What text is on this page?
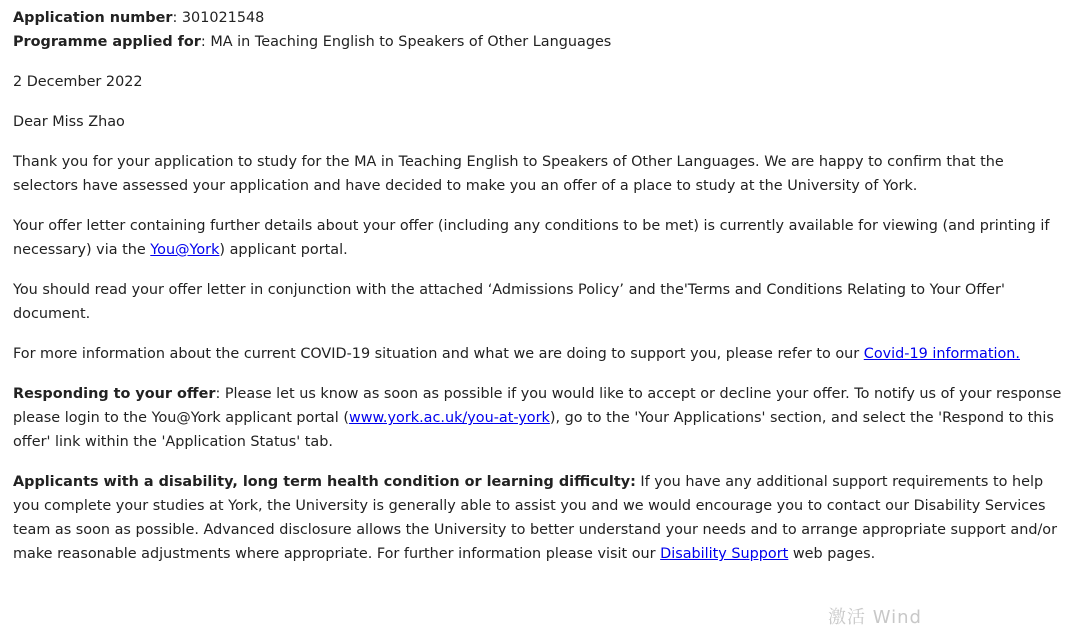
Application number: 301021548

Programme applied for: MA in Teaching English to Speakers of Other Languages

2 December 2022

Dear Miss Zhao

Thank you for your application to study for the MA in Teaching English to Speakers of Other Languages. We are happy to confirm that the selectors have assessed your application and have decided to make you an offer of a place to study at the University of York.

Your offer letter containing further details about your offer (including any conditions to be met) is currently available for viewing (and printing if necessary) via the You@York) applicant portal.

You should read your offer letter in conjunction with the attached ‘Admissions Policy’ and the'Terms and Conditions Relating to Your Offer' document.

For more information about the current COVID-19 situation and what we are doing to support you, please refer to our Covid-19 information.

Responding to your offer: Please let us know as soon as possible if you would like to accept or decline your offer. To notify us of your response please login to the You@York applicant portal (www.york.ac.uk/you-at-york), go to the 'Your Applications' section, and select the 'Respond to this offer' link within the 'Application Status' tab.

Applicants with a disability, long term health condition or learning difficulty: If you have any additional support requirements to help you complete your studies at York, the University is generally able to assist you and we would encourage you to contact our Disability Services team as soon as possible. Advanced disclosure allows the University to better understand your needs and to arrange appropriate support and/or make reasonable adjustments where appropriate. For further information please visit our Disability Support web pages.

激活 Wind
